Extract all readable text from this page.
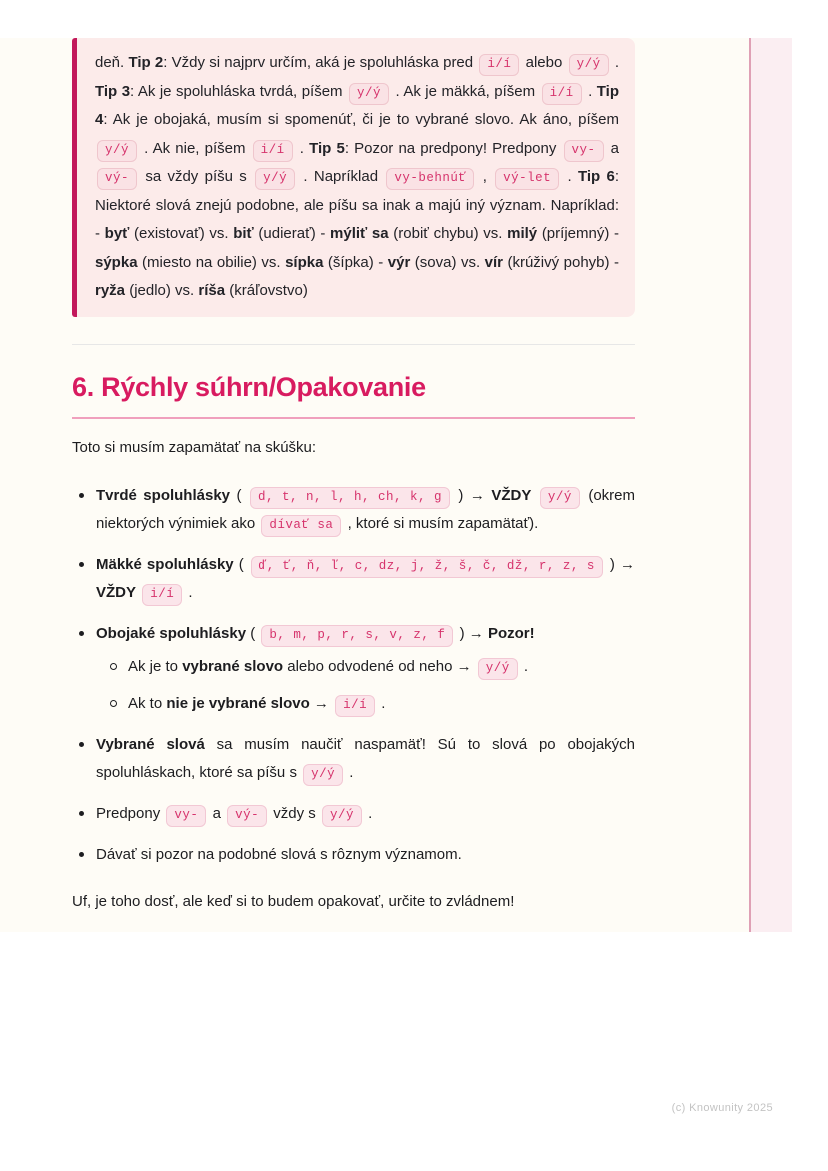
deň. Tip 2: Vždy si najprv určím, aká je spoluhláska pred i/í alebo y/ý . Tip 3: Ak je spoluhláska tvrdá, píšem y/ý . Ak je mäkká, píšem i/í . Tip 4: Ak je obojaká, musím si spomenúť, či je to vybrané slovo. Ak áno, píšem y/ý . Ak nie, píšem i/í . Tip 5: Pozor na predpony! Predpony vy- a vý- sa vždy píšu s y/ý . Napríklad vy-behnúť , vý-let . Tip 6: Niektoré slová znejú podobne, ale píšu sa inak a majú iný význam. Napríklad: - byť (existovať) vs. biť (udierať) - mýliť sa (robiť chybu) vs. milý (príjemný) - sýpka (miesto na obilie) vs. sípka (šípka) - výr (sova) vs. vír (krúživý pohyb) - ryža (jedlo) vs. ríša (kráľovstvo)

6. Rýchly súhrn/Opakovanie

Toto si musím zapamätať na skúšku:

Tvrdé spoluhlásky ( d, t, n, l, h, ch, k, g ) → VŽDY y/ý (okrem niektorých výnimiek ako dívať sa , ktoré si musím zapamätať).

Mäkké spoluhlásky ( ď, ť, ň, ľ, c, dz, j, ž, š, č, dž, r, z, s ) → VŽDY i/í .

Obojaké spoluhlásky ( b, m, p, r, s, v, z, f ) → Pozor!

Ak je to vybrané slovo alebo odvodené od neho → y/ý .

Ak to nie je vybrané slovo → i/í .

Vybrané slová sa musím naučiť naspamäť! Sú to slová po obojakých spoluhláskach, ktoré sa píšu s y/ý .

Predpony vy- a vý- vždy s y/ý .

Dávať si pozor na podobné slová s rôznym významom.

Uf, je toho dosť, ale keď si to budem opakovať, určite to zvládnem!

(c) Knowunity 2025
